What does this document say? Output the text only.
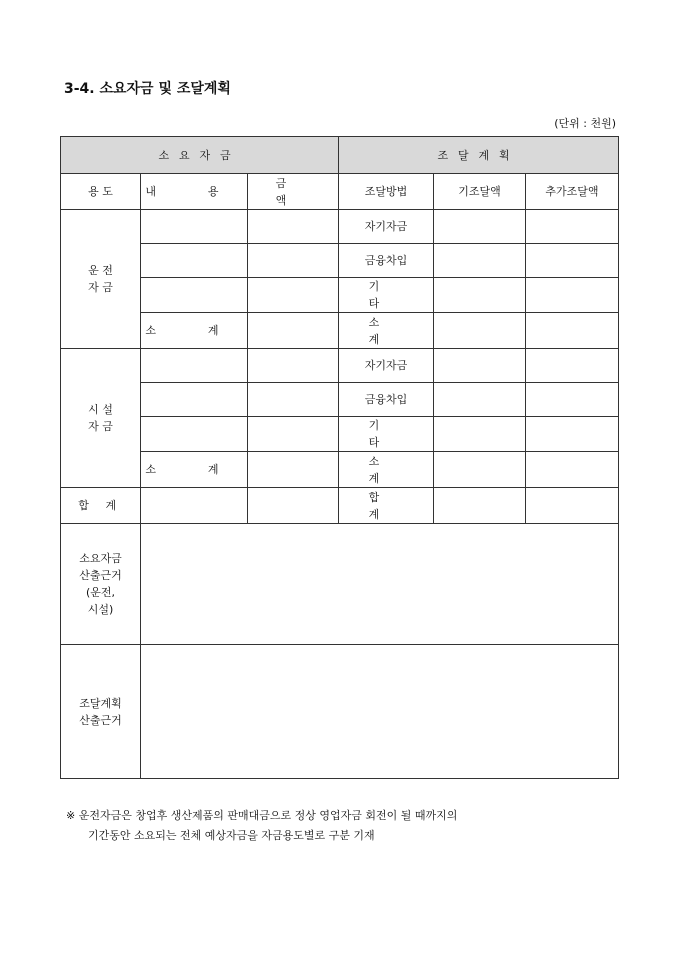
3-4. 소요자금 및 조달계획
(단위 : 천원)
소요자금			조달계획		
용 도	내 용	금 액	조달방법	기조달액	추가조달액
운 전
자 금			자기자금		
			금융차입		
			기 타		
	소 계		소 계		
시 설
자 금			자기자금		
			금융차입		
			기 타		
	소 계		소 계		
합 계			합 계		
소요자금
산출근거
(운전,
시설)					
조달계획
산출근거					
※ 운전자금은 창업후 생산제품의 판매대금으로 정상 영업자금 회전이 될 때까지의
기간동안 소요되는 전체 예상자금을 자금용도별로 구분 기재
